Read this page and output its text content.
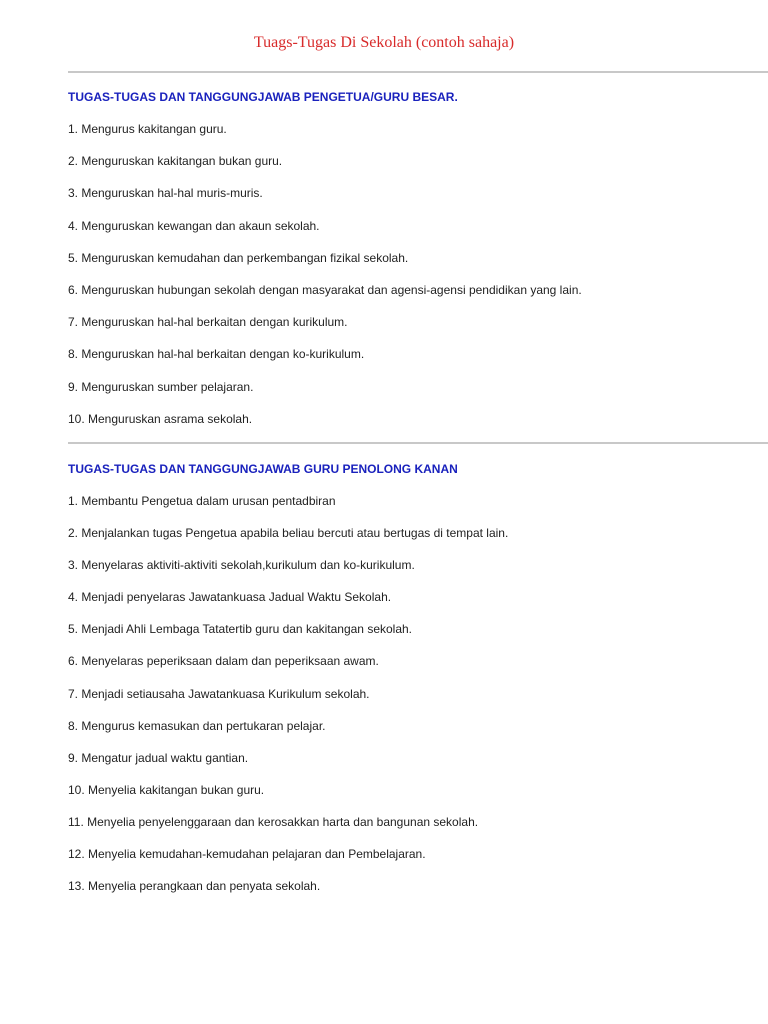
Tuags-Tugas Di Sekolah (contoh sahaja)
TUGAS-TUGAS DAN TANGGUNGJAWAB PENGETUA/GURU BESAR.
1. Mengurus kakitangan guru.
2. Menguruskan kakitangan bukan guru.
3. Menguruskan hal-hal muris-muris.
4. Menguruskan kewangan dan akaun sekolah.
5. Menguruskan kemudahan dan perkembangan fizikal sekolah.
6. Menguruskan hubungan sekolah dengan masyarakat dan agensi-agensi pendidikan yang lain.
7. Menguruskan hal-hal berkaitan dengan kurikulum.
8. Menguruskan hal-hal berkaitan dengan ko-kurikulum.
9. Menguruskan sumber pelajaran.
10. Menguruskan asrama sekolah.
TUGAS-TUGAS DAN TANGGUNGJAWAB GURU PENOLONG KANAN
1. Membantu Pengetua dalam urusan pentadbiran
2. Menjalankan tugas Pengetua apabila beliau bercuti atau bertugas di tempat lain.
3. Menyelaras aktiviti-aktiviti sekolah,kurikulum dan ko-kurikulum.
4. Menjadi penyelaras Jawatankuasa Jadual Waktu Sekolah.
5. Menjadi Ahli Lembaga Tatatertib guru dan kakitangan sekolah.
6. Menyelaras peperiksaan dalam dan peperiksaan awam.
7. Menjadi setiausaha Jawatankuasa Kurikulum sekolah.
8. Mengurus kemasukan dan pertukaran pelajar.
9. Mengatur jadual waktu gantian.
10. Menyelia kakitangan bukan guru.
11. Menyelia penyelenggaraan dan kerosakkan harta dan bangunan sekolah.
12. Menyelia kemudahan-kemudahan pelajaran dan Pembelajaran.
13. Menyelia perangkaan dan penyata sekolah.
